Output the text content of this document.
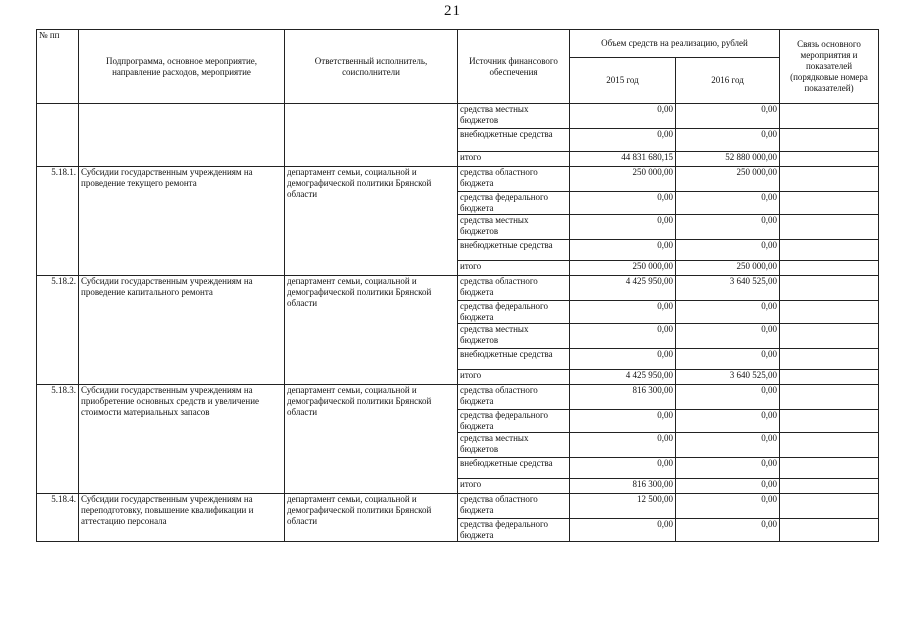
21
№ пп	Подпрограмма, основное мероприятие, направление расходов, мероприятие	Ответственный исполнитель, соисполнители	Источник финансового обеспечения	Объем средств на реализацию, рублей		Связь основного мероприятия и показателей (порядковые номера показателей)
				2015 год	2016 год	
			средства местных бюджетов	0,00	0,00	
			внебюджетные средства	0,00	0,00	
			итого	44 831 680,15	52 880 000,00	
5.18.1.	Субсидии государственным учреждениям на проведение текущего ремонта	департамент семьи, социальной и демографической политики Брянской области	средства областного бюджета	250 000,00	250 000,00	
			средства федерального бюджета	0,00	0,00	
			средства местных бюджетов	0,00	0,00	
			внебюджетные средства	0,00	0,00	
			итого	250 000,00	250 000,00	
5.18.2.	Субсидии государственным учреждениям на проведение капитального ремонта	департамент семьи, социальной и демографической политики Брянской области	средства областного бюджета	4 425 950,00	3 640 525,00	
			средства федерального бюджета	0,00	0,00	
			средства местных бюджетов	0,00	0,00	
			внебюджетные средства	0,00	0,00	
			итого	4 425 950,00	3 640 525,00	
5.18.3.	Субсидии государственным учреждениям на приобретение основных средств и увеличение стоимости материальных запасов	департамент семьи, социальной и демографической политики Брянской области	средства областного бюджета	816 300,00	0,00	
			средства федерального бюджета	0,00	0,00	
			средства местных бюджетов	0,00	0,00	
			внебюджетные средства	0,00	0,00	
			итого	816 300,00	0,00	
5.18.4.	Субсидии государственным учреждениям на переподготовку, повышение квалификации и аттестацию персонала	департамент семьи, социальной и демографической политики Брянской области	средства областного бюджета	12 500,00	0,00	
			средства федерального бюджета	0,00	0,00	
